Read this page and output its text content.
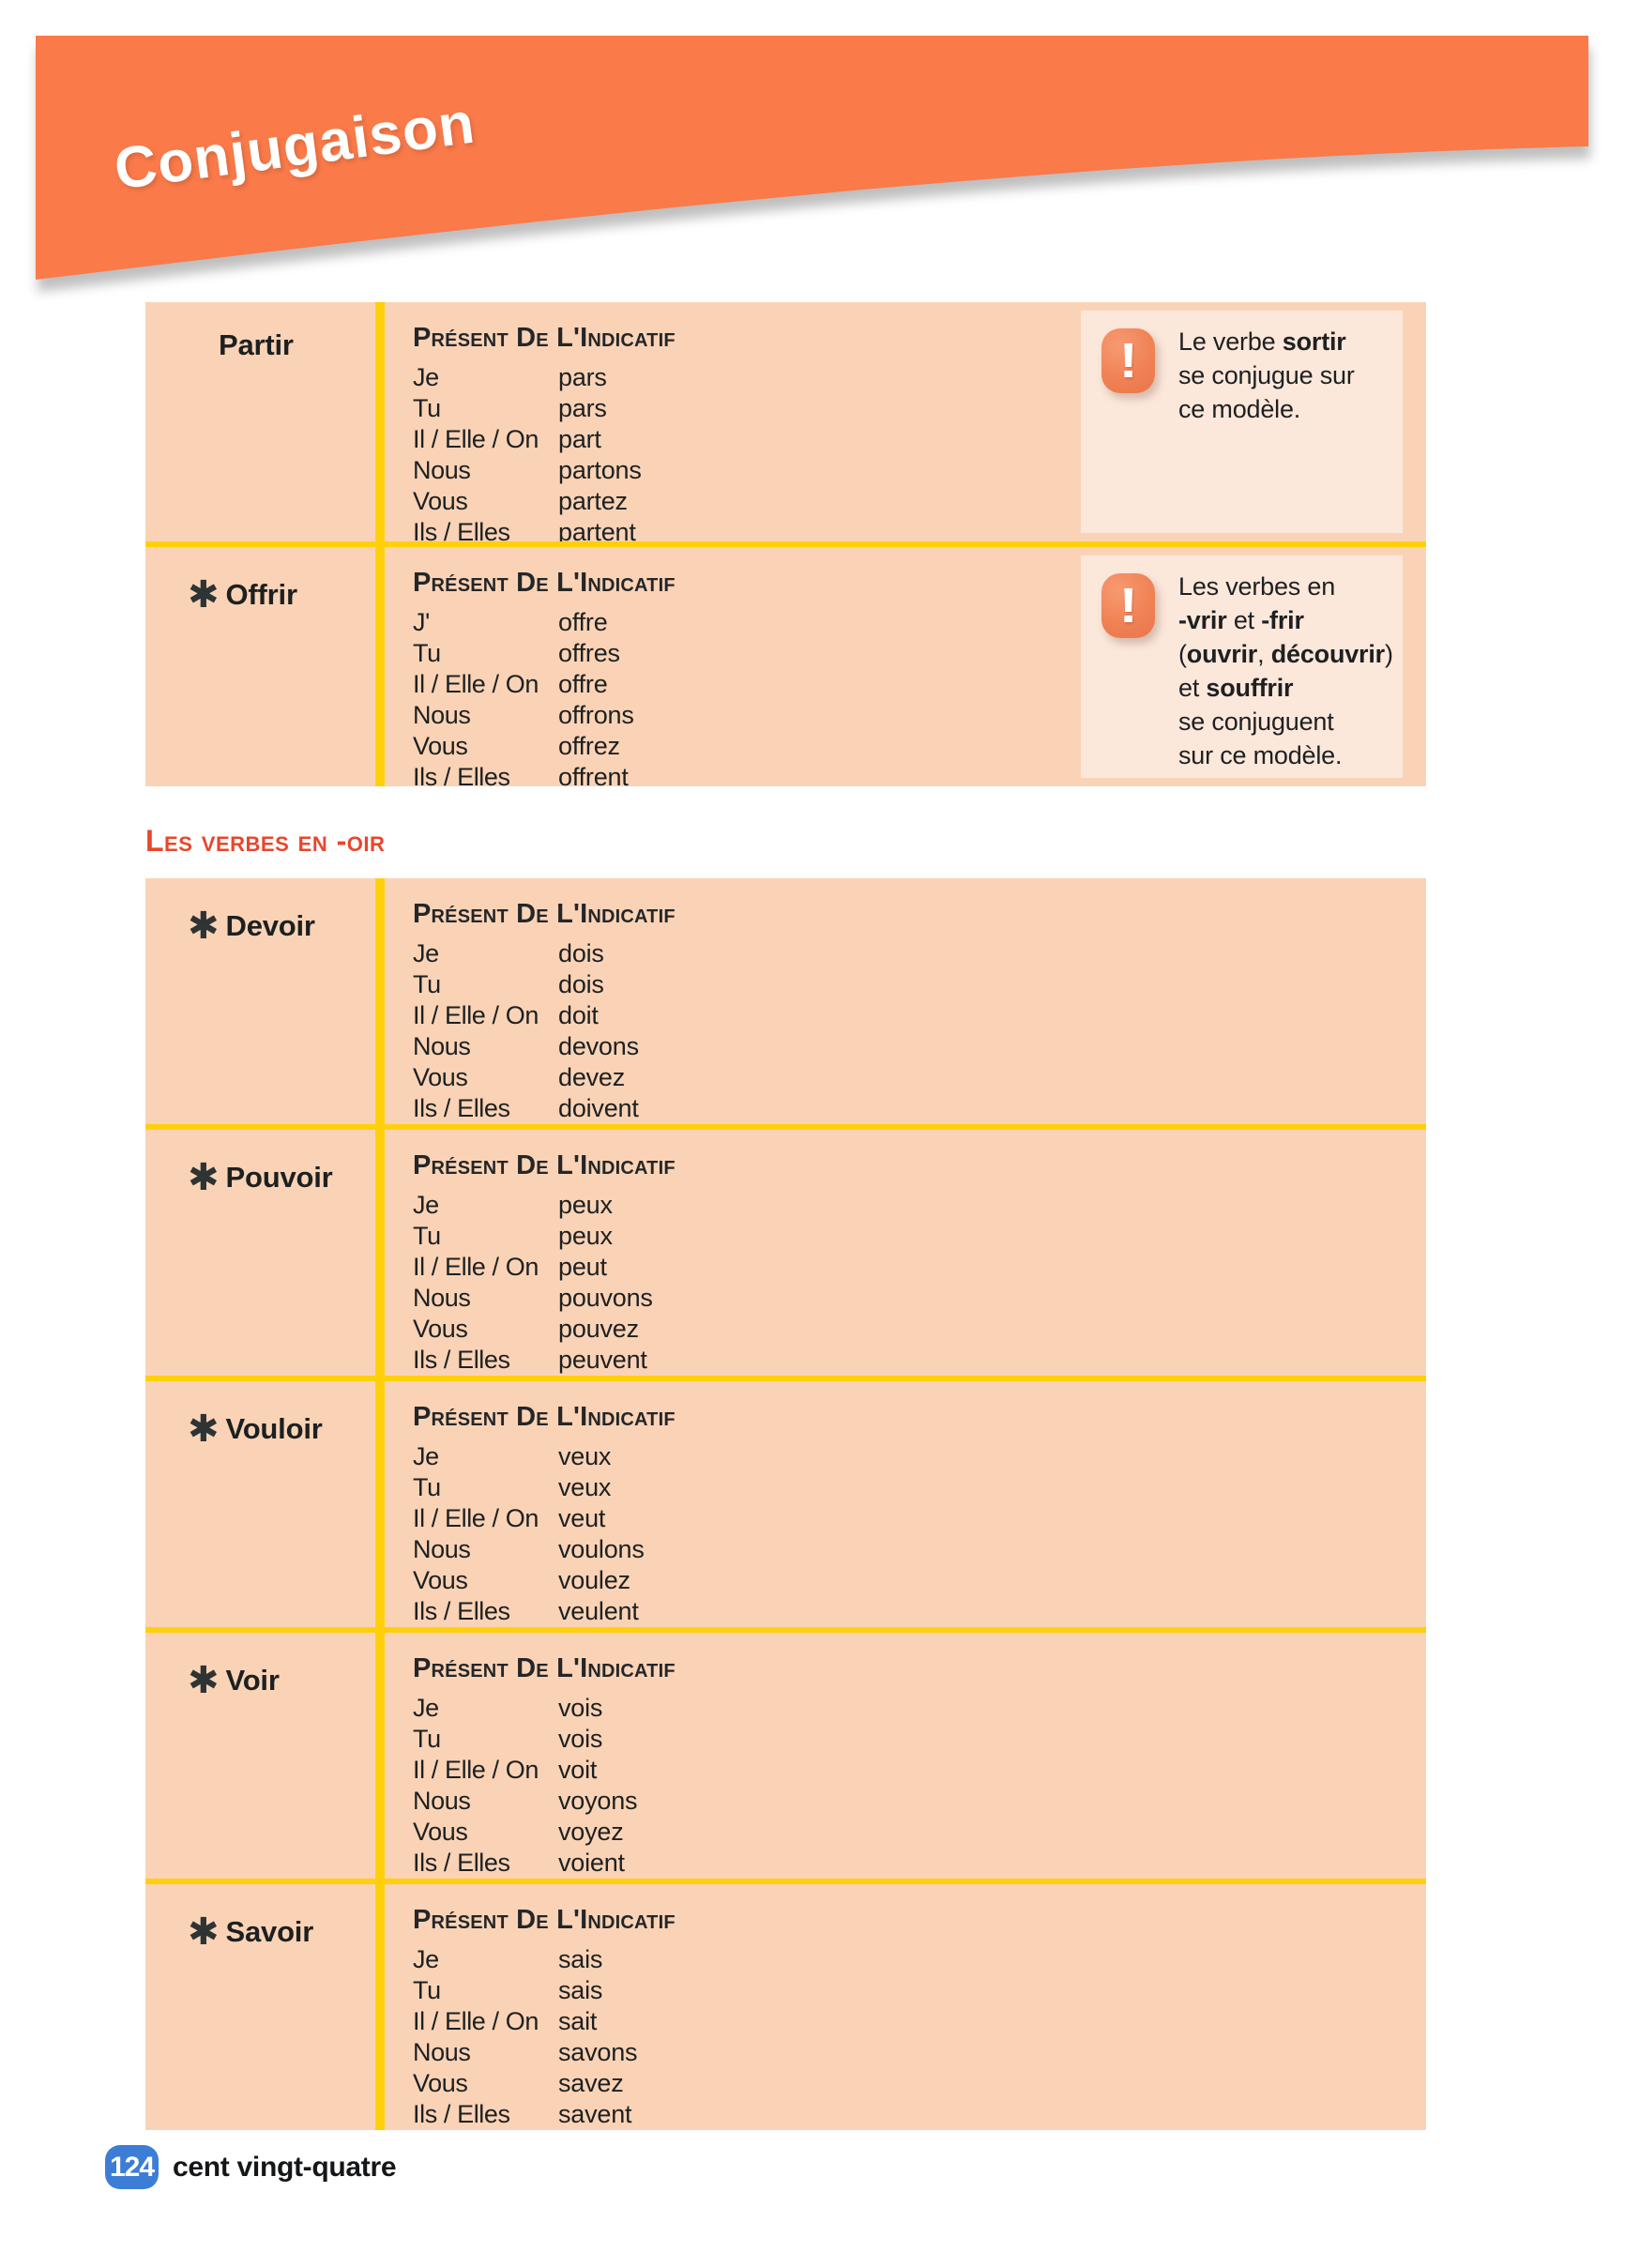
Conjugaison
Les verbes en -oir
Partir	Présent De L'Indicatif
Je	pars
Tu	pars
Il / Elle / On part
Nous	partons
Vous	partez
Ils / Elles	partent
! Le verbe sortir
se conjugue sur
ce modèle.
✱ Offrir	Présent De L'Indicatif
J'	offre
Tu	offres
Il / Elle / On offre
Nous	offrons
Vous	offrez
Ils / Elles	offrent
! Les verbes en
-vrir et -frir
(ouvrir, découvrir)
et souffrir
se conjuguent
sur ce modèle.
✱ Devoir	Présent De L'Indicatif
Je	dois
Tu	dois
Il / Elle / On doit
Nous	devons
Vous	devez
Ils / Elles	doivent
✱ Pouvoir	Présent De L'Indicatif
Je	peux
Tu	peux
Il / Elle / On peut
Nous	pouvons
Vous	pouvez
Ils / Elles	peuvent
✱ Vouloir	Présent De L'Indicatif
Je	veux
Tu	veux
Il / Elle / On veut
Nous	voulons
Vous	voulez
Ils / Elles	veulent
✱ Voir	Présent De L'Indicatif
Je	vois
Tu	vois
Il / Elle / On voit
Nous	voyons
Vous	voyez
Ils / Elles	voient
✱ Savoir	Présent De L'Indicatif
Je	sais
Tu	sais
Il / Elle / On sait
Nous	savons
Vous	savez
Ils / Elles	savent
124 cent vingt-quatre
